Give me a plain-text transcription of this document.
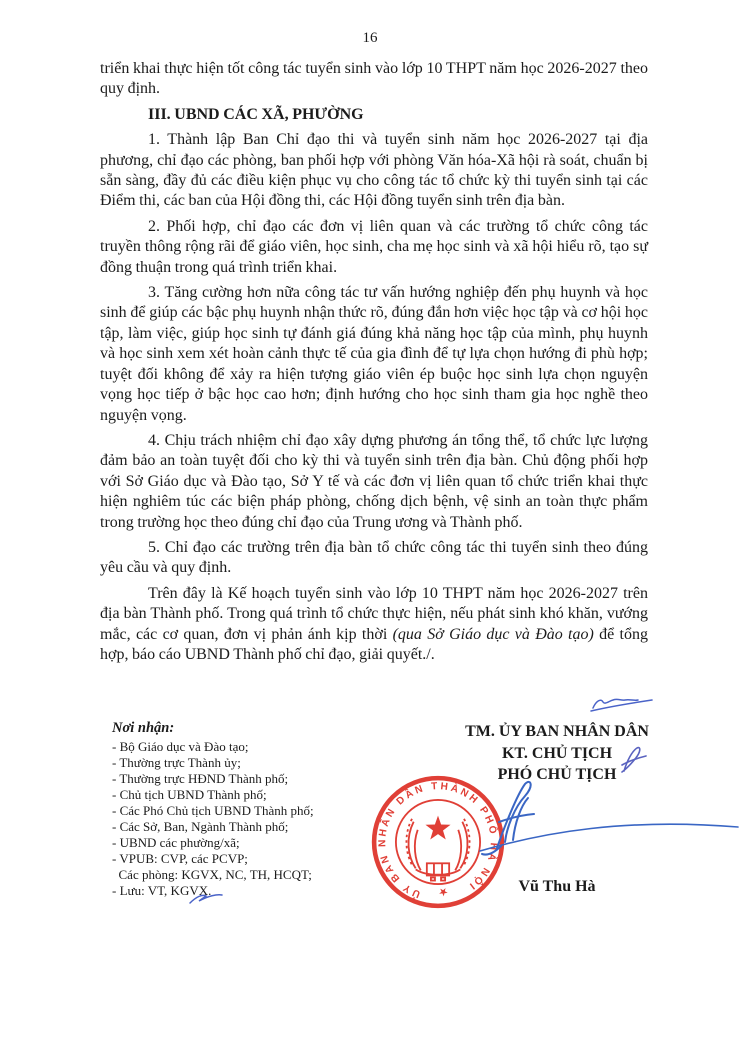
16

triển khai thực hiện tốt công tác tuyển sinh vào lớp 10 THPT năm học 2026-2027 theo quy định.

III. UBND CÁC XÃ, PHƯỜNG

1. Thành lập Ban Chỉ đạo thi và tuyển sinh năm học 2026-2027 tại địa phương, chỉ đạo các phòng, ban phối hợp với phòng Văn hóa-Xã hội rà soát, chuẩn bị sẵn sàng, đầy đủ các điều kiện phục vụ cho công tác tổ chức kỳ thi tuyển sinh tại các Điểm thi, các ban của Hội đồng thi, các Hội đồng tuyển sinh trên địa bàn.

2. Phối hợp, chỉ đạo các đơn vị liên quan và các trường tổ chức công tác truyền thông rộng rãi để giáo viên, học sinh, cha mẹ học sinh và xã hội hiểu rõ, tạo sự đồng thuận trong quá trình triển khai.

3. Tăng cường hơn nữa công tác tư vấn hướng nghiệp đến phụ huynh và học sinh để giúp các bậc phụ huynh nhận thức rõ, đúng đắn hơn việc học tập và cơ hội học tập, làm việc, giúp học sinh tự đánh giá đúng khả năng học tập của mình, phụ huynh và học sinh xem xét hoàn cảnh thực tế của gia đình để tự lựa chọn hướng đi phù hợp; tuyệt đối không để xảy ra hiện tượng giáo viên ép buộc học sinh lựa chọn nguyện vọng học tiếp ở bậc học cao hơn; định hướng cho học sinh tham gia học nghề theo nguyện vọng.

4. Chịu trách nhiệm chỉ đạo xây dựng phương án tổng thể, tổ chức lực lượng đảm bảo an toàn tuyệt đối cho kỳ thi và tuyển sinh trên địa bàn. Chủ động phối hợp với Sở Giáo dục và Đào tạo, Sở Y tế và các đơn vị liên quan tổ chức triển khai thực hiện nghiêm túc các biện pháp phòng, chống dịch bệnh, vệ sinh an toàn thực phẩm trong trường học theo đúng chỉ đạo của Trung ương và Thành phố.

5. Chỉ đạo các trường trên địa bàn tổ chức công tác thi tuyển sinh theo đúng yêu cầu và quy định.

Trên đây là Kế hoạch tuyển sinh vào lớp 10 THPT năm học 2026-2027 trên địa bàn Thành phố. Trong quá trình tổ chức thực hiện, nếu phát sinh khó khăn, vướng mắc, các cơ quan, đơn vị phản ánh kịp thời (qua Sở Giáo dục và Đào tạo) để tổng hợp, báo cáo UBND Thành phố chỉ đạo, giải quyết./.

Nơi nhận:
- Bộ Giáo dục và Đào tạo;
- Thường trực Thành ủy;
- Thường trực HĐND Thành phố;
- Chủ tịch UBND Thành phố;
- Các Phó Chủ tịch UBND Thành phố;
- Các Sở, Ban, Ngành Thành phố;
- UBND các phường/xã;
- VPUB: CVP, các PCVP;
Các phòng: KGVX, NC, TH, HCQT;
- Lưu: VT, KGVX.
TM. ỦY BAN NHÂN DÂN
KT. CHỦ TỊCH
PHÓ CHỦ TỊCH
ỦY BAN NHÂN DÂN THÀNH PHỐ HÀ NỘI
★	Vũ Thu Hà
